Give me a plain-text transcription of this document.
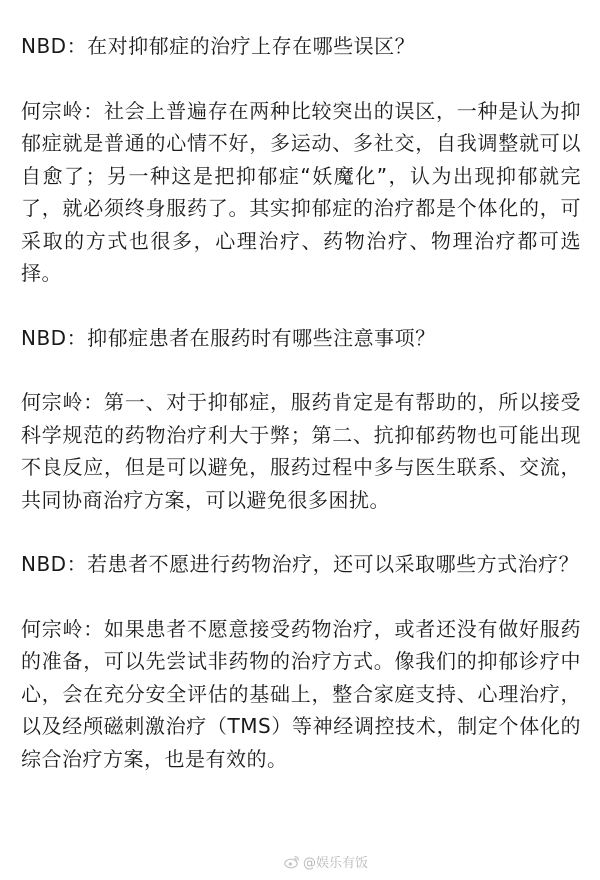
NBD：在对抑郁症的治疗上存在哪些误区？

何宗岭：社会上普遍存在两种比较突出的误区，一种是认为抑郁症就是普通的心情不好，多运动、多社交，自我调整就可以自愈了；另一种这是把抑郁症“妖魔化”，认为出现抑郁就完了，就必须终身服药了。其实抑郁症的治疗都是个体化的，可采取的方式也很多，心理治疗、药物治疗、物理治疗都可选择。

NBD：抑郁症患者在服药时有哪些注意事项？

何宗岭：第一、对于抑郁症，服药肯定是有帮助的，所以接受科学规范的药物治疗利大于弊；第二、抗抑郁药物也可能出现不良反应，但是可以避免，服药过程中多与医生联系、交流，共同协商治疗方案，可以避免很多困扰。

NBD：若患者不愿进行药物治疗，还可以采取哪些方式治疗？

何宗岭：如果患者不愿意接受药物治疗，或者还没有做好服药的准备，可以先尝试非药物的治疗方式。像我们的抑郁诊疗中心，会在充分安全评估的基础上，整合家庭支持、心理治疗，以及经颅磁刺激治疗（TMS）等神经调控技术，制定个体化的综合治疗方案，也是有效的。

@娱乐有饭
